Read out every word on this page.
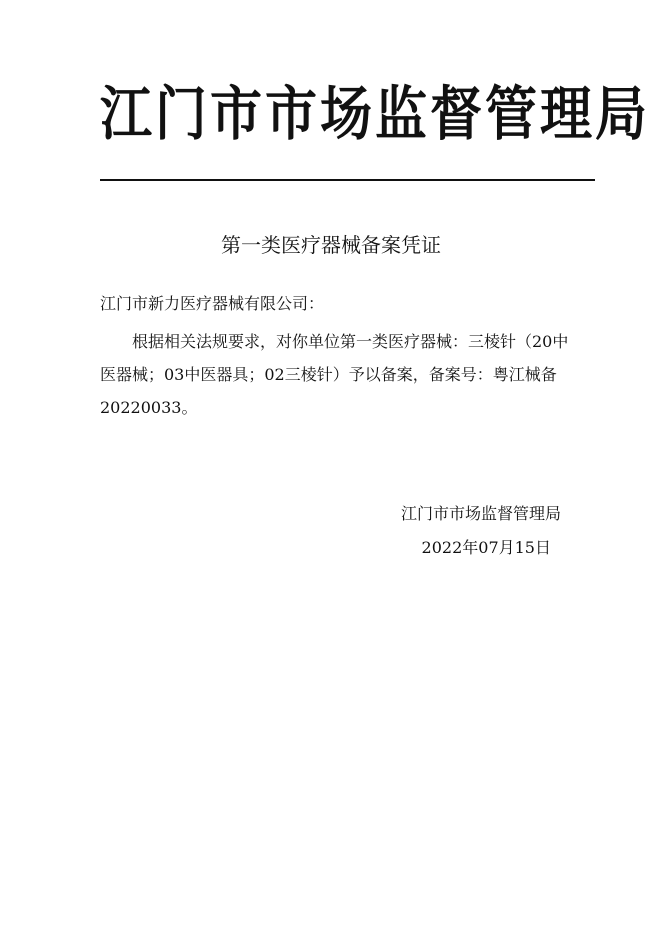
江门市市场监督管理局
第一类医疗器械备案凭证
江门市新力医疗器械有限公司：

根据相关法规要求，对你单位第一类医疗器械：三棱针（20中医器械；03中医器具；02三棱针）予以备案，备案号：粤江械备20220033。

江门市市场监督管理局
2022年07月15日
